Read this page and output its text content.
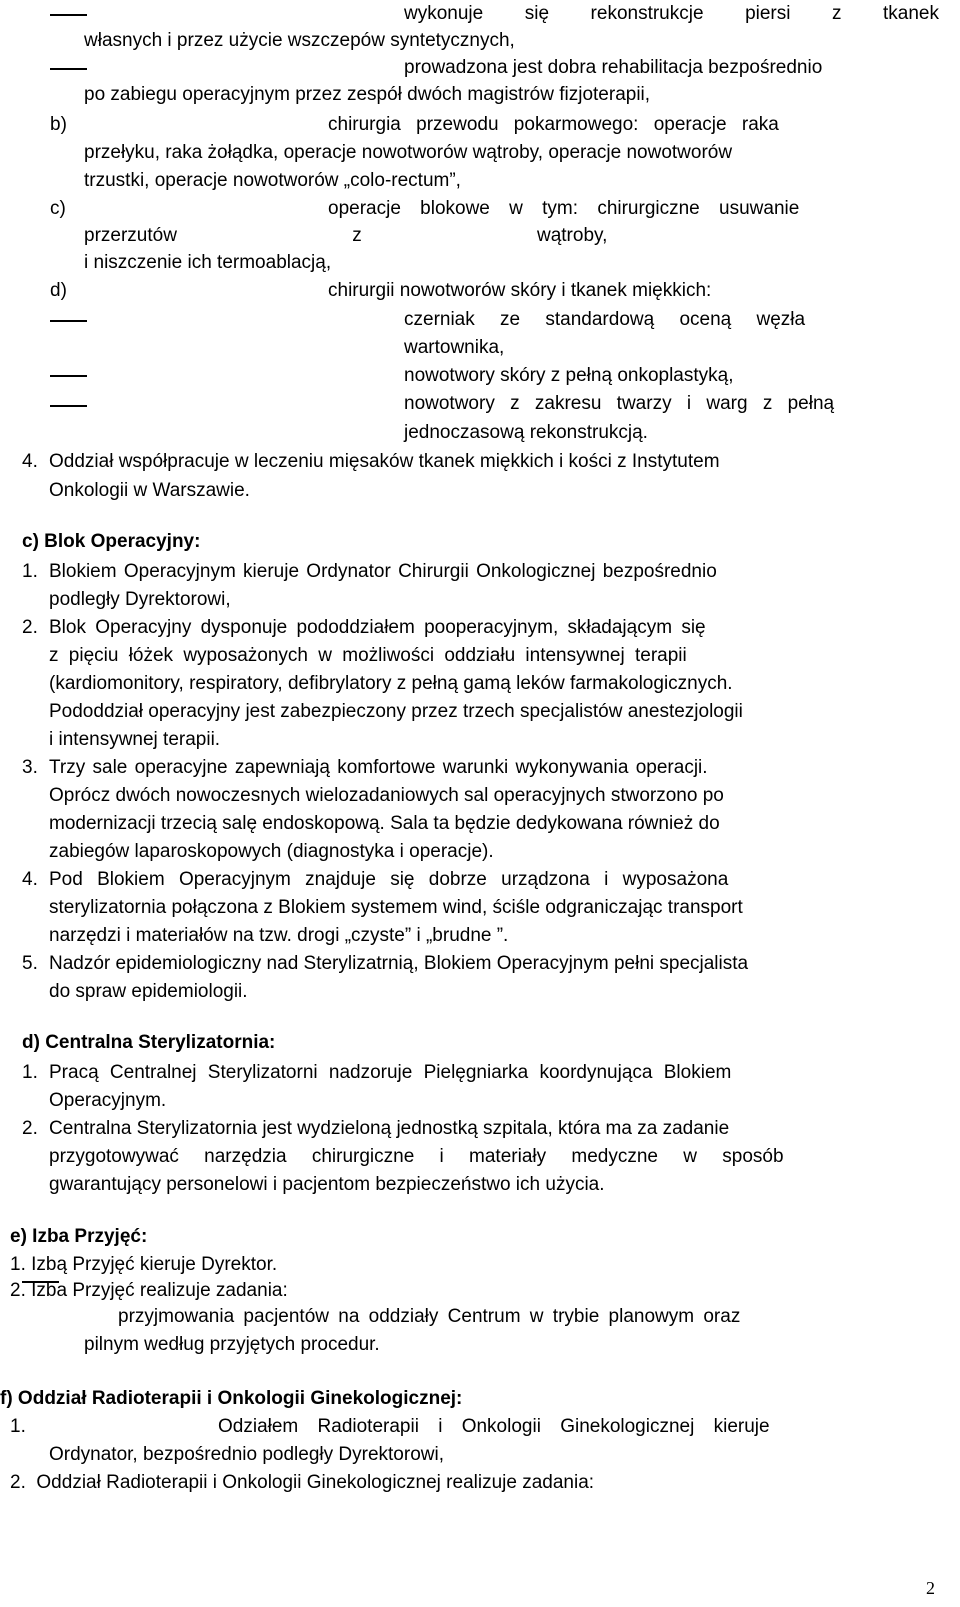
wykonuje się rekonstrukcje piersi z tkanek
własnych i przez użycie wszczepów syntetycznych,
prowadzona jest dobra rehabilitacja bezpośrednio
po zabiegu operacyjnym przez zespół dwóch magistrów fizjoterapii,
b)	chirurgia przewodu pokarmowego: operacje raka
przełyku, raka żołądka, operacje nowotworów wątroby, operacje nowotworów
trzustki, operacje nowotworów „colo-rectum”,
c)	operacje blokowe w tym: chirurgiczne usuwanie
przerzutów z wątroby,
i niszczenie ich termoablacją,
d)	chirurgii nowotworów skóry i tkanek miękkich:
czerniak ze standardową oceną węzła
wartownika,
nowotwory skóry z pełną onkoplastyką,
nowotwory z zakresu twarzy i warg z pełną
jednoczasową rekonstrukcją.
4. Oddział współpracuje w leczeniu mięsaków tkanek miękkich i kości z Instytutem
Onkologii w Warszawie.
c) Blok Operacyjny:
1. Blokiem Operacyjnym kieruje Ordynator Chirurgii Onkologicznej bezpośrednio
podległy Dyrektorowi,
2. Blok Operacyjny dysponuje pododdziałem pooperacyjnym, składającym się
z pięciu łóżek wyposażonych w możliwości oddziału intensywnej terapii
(kardiomonitory, respiratory, defibrylatory z pełną gamą leków farmakologicznych.
Pododdział operacyjny jest zabezpieczony przez trzech specjalistów anestezjologii
i intensywnej terapii.
3. Trzy sale operacyjne zapewniają komfortowe warunki wykonywania operacji.
Oprócz dwóch nowoczesnych wielozadaniowych sal operacyjnych stworzono po
modernizacji trzecią salę endoskopową. Sala ta będzie dedykowana również do
zabiegów laparoskopowych (diagnostyka i operacje).
4. Pod Blokiem Operacyjnym znajduje się dobrze urządzona i wyposażona
sterylizatornia połączona z Blokiem systemem wind, ściśle odgraniczając transport
narzędzi i materiałów na tzw. drogi „czyste” i „brudne ”.
5. Nadzór epidemiologiczny nad Sterylizatrnią, Blokiem Operacyjnym pełni specjalista
do spraw epidemiologii.
d) Centralna Sterylizatornia:
1. Pracą Centralnej Sterylizatorni nadzoruje Pielęgniarka koordynująca Blokiem
Operacyjnym.
2. Centralna Sterylizatornia jest wydzieloną jednostką szpitala, która ma za zadanie
przygotowywać narzędzia chirurgiczne i materiały medyczne w sposób
gwarantujący personelowi i pacjentom bezpieczeństwo ich użycia.
e) Izba Przyjęć:
1. Izbą Przyjęć kieruje Dyrektor.
2. Izba Przyjęć realizuje zadania:
przyjmowania pacjentów na oddziały Centrum w trybie planowym oraz
pilnym według przyjętych procedur.
f) Oddział Radioterapii i Onkologii Ginekologicznej:
1.	Odziałem Radioterapii i Onkologii Ginekologicznej kieruje
Ordynator, bezpośrednio podległy Dyrektorowi,
2.  Oddział Radioterapii i Onkologii Ginekologicznej realizuje zadania:
2
